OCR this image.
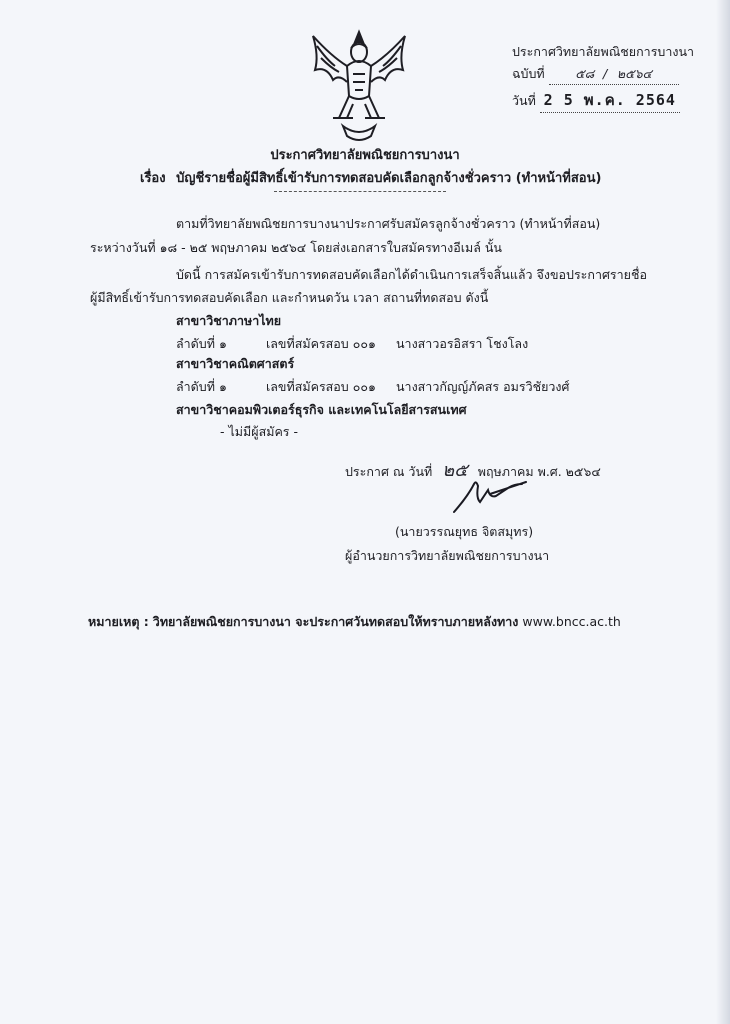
ประกาศวิทยาลัยพณิชยการบางนา
ฉบับที่ ๕๘ / ๒๕๖๔
วันที่ 2 5 พ.ค. 2564
ประกาศวิทยาลัยพณิชยการบางนา
เรื่อง บัญชีรายชื่อผู้มีสิทธิ์เข้ารับการทดสอบคัดเลือกลูกจ้างชั่วคราว (ทำหน้าที่สอน)
ตามที่วิทยาลัยพณิชยการบางนาประกาศรับสมัครลูกจ้างชั่วคราว (ทำหน้าที่สอน)
ระหว่างวันที่ ๑๘ - ๒๕ พฤษภาคม ๒๕๖๔ โดยส่งเอกสารใบสมัครทางอีเมล์ นั้น
บัดนี้ การสมัครเข้ารับการทดสอบคัดเลือกได้ดำเนินการเสร็จสิ้นแล้ว จึงขอประกาศรายชื่อ
ผู้มีสิทธิ์เข้ารับการทดสอบคัดเลือก และกำหนดวัน เวลา สถานที่ทดสอบ ดังนี้
สาขาวิชาภาษาไทย
ลำดับที่ ๑	เลขที่สมัครสอบ ๐๐๑ นางสาวอรอิสรา โชงโลง
สาขาวิชาคณิตศาสตร์
ลำดับที่ ๑	เลขที่สมัครสอบ ๐๐๑ นางสาวกัญญ์ภัคสร อมรวิชัยวงศ์
สาขาวิชาคอมพิวเตอร์ธุรกิจ และเทคโนโลยีสารสนเทศ
- ไม่มีผู้สมัคร -
ประกาศ ณ วันที่ ๒๕ พฤษภาคม พ.ศ. ๒๕๖๔
(นายวรรณยุทธ จิตสมุทร)
ผู้อำนวยการวิทยาลัยพณิชยการบางนา
หมายเหตุ : วิทยาลัยพณิชยการบางนา จะประกาศวันทดสอบให้ทราบภายหลังทาง www.bncc.ac.th
